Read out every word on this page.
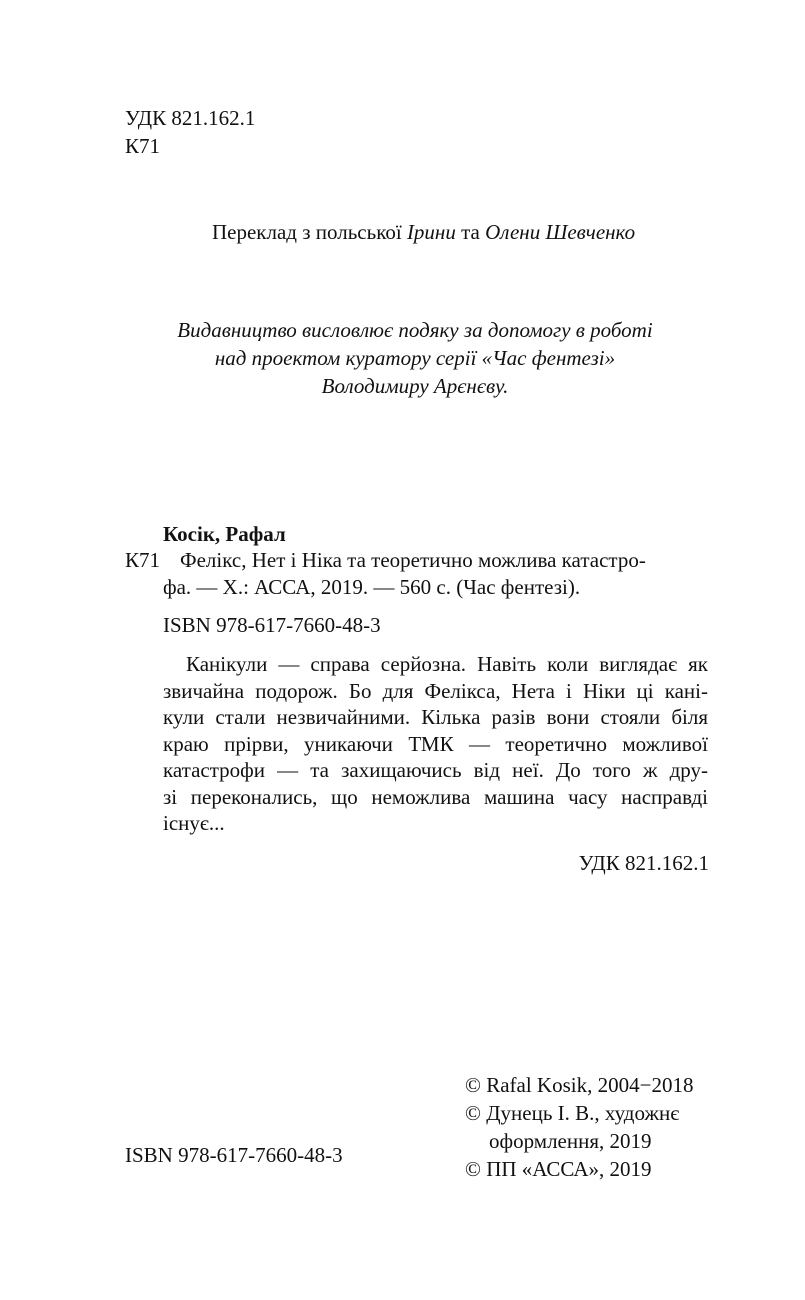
УДК 821.162.1
К71
Переклад з польської Ірини та Олени Шевченко
Видавництво висловлює подяку за допомогу в роботі
над проектом куратору серії «Час фентезі»
Володимиру Арєнєву.
Косік, Рафал
К71 Фелікс, Нет і Ніка та теоретично можлива катастро-
фа. — Х.: АССА, 2019. — 560 с. (Час фентезі).
ISBN 978-617-7660-48-3
Канікули — справа серйозна. Навіть коли виглядає як
звичайна подорож. Бо для Фелікса, Нета і Ніки ці кані-
кули стали незвичайними. Кілька разів вони стояли біля
краю прірви, уникаючи ТМК — теоретично можливої
катастрофи — та захищаючись від неї. До того ж дру-
зі переконались, що неможлива машина часу насправді
існує...
УДК 821.162.1
© Rafal Kosik, 2004−2018
© Дунець І. В., художнє
оформлення, 2019
© ПП «АССА», 2019
ISBN 978-617-7660-48-3
